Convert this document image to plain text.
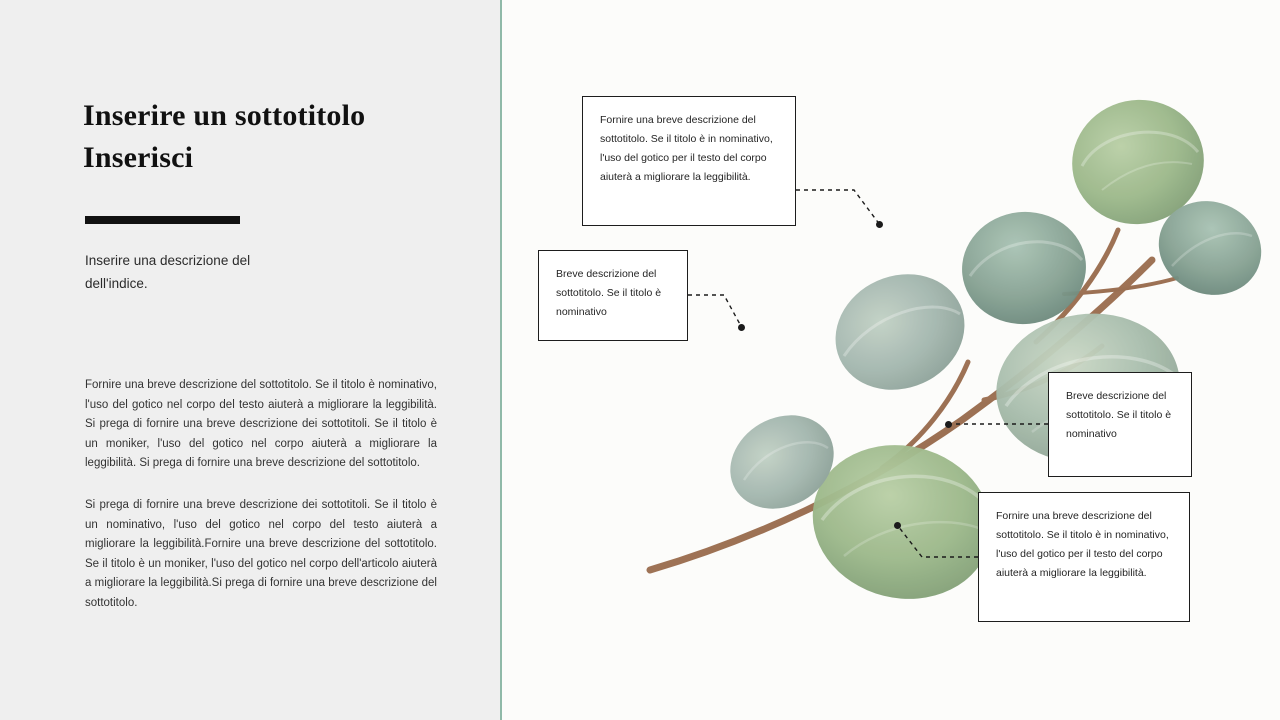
Inserire un sottotitolo
Inserisci
Inserire una descrizione del
dell'indice.

Fornire una breve descrizione del sottotitolo. Se il titolo è nominativo, l'uso del gotico nel corpo del testo aiuterà a migliorare la leggibilità. Si prega di fornire una breve descrizione dei sottotitoli. Se il titolo è un moniker, l'uso del gotico nel corpo aiuterà a migliorare la leggibilità. Si prega di fornire una breve descrizione del sottotitolo.

Si prega di fornire una breve descrizione dei sottotitoli. Se il titolo è un nominativo, l'uso del gotico nel corpo del testo aiuterà a migliorare la leggibilità.Fornire una breve descrizione del sottotitolo. Se il titolo è un moniker, l'uso del gotico nel corpo dell'articolo aiuterà a migliorare la leggibilità.Si prega di fornire una breve descrizione del sottotitolo.

Fornire una breve descrizione del sottotitolo. Se il titolo è in nominativo, l'uso del gotico per il testo del corpo aiuterà a migliorare la leggibilità.
Breve descrizione del sottotitolo. Se il titolo è nominativo
Breve descrizione del sottotitolo. Se il titolo è nominativo
Fornire una breve descrizione del sottotitolo. Se il titolo è in nominativo, l'uso del gotico per il testo del corpo aiuterà a migliorare la leggibilità.
